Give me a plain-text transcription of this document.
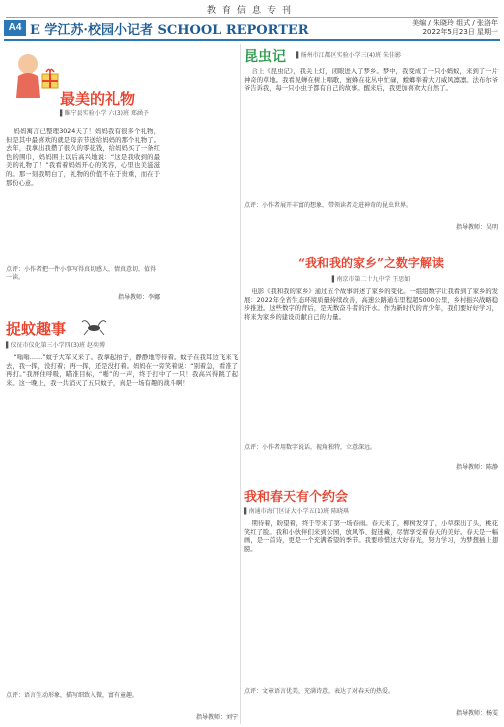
教育信息专刊
A4 E 学江苏·校园小记者 SCHOOL REPORTER	美编 / 朱晓玲 组式 / 张洛年
2022年5月23日 星期一
最美的礼物
▌睢宁县实验小学 六(3)班 郑涵予

妈妈寓言已整理3024天了！妈妈我有很多个礼物，但是其中最喜欢的就是母亲节送给妈妈的那个礼物了。去年，我拿出我攒了很久的零花钱，给妈妈买了一条红色的围巾，妈妈围上以后高兴地说：“这是我收到的最美的礼物了！”我看着妈妈开心的笑容，心里也美滋滋的。那一刻我明白了，礼物的价值不在于贵重，而在于那份心意。

点评：小作者把一件小事写得真切感人，情真意切，值得一读。
指导教师：李娜
捉蚊趣事
▌仪征市仪化第三小学四(3)班 赵奕博

“嗡嗡……”蚊子大军又来了。我拿起拍子，静静地等待着。蚊子在我耳边飞来飞去，我一挥，没打着；再一挥，还是没打着。妈妈在一旁笑着说：“别着急，看准了再打。”我屏住呼吸，瞄准目标，“啪”的一声，终于打中了一只！我高兴得跳了起来。这一晚上，我一共消灭了五只蚊子，真是一场有趣的战斗啊！

点评：语言生动形象，描写细致入微，富有童趣。
指导教师：刘宁
昆虫记 ▌扬州市江都区实验小学三(4)班 朱佳影

合上《昆虫记》，我关上灯，闭眼进入了梦乡。梦中，我变成了一只小蚂蚁，来到了一片神奇的草地。我看见蝉在树上唱歌，蜜蜂在花丛中忙碌，螳螂举着大刀威风凛凛。法布尔爷爷告诉我，每一只小虫子都有自己的故事。醒来后，我更加喜欢大自然了。

点评：小作者展开丰富的想象，带领读者走进神奇的昆虫世界。
指导教师：吴明
“我和我的家乡”之数字解读
▌南京市第二十九中学 王思如

电影《我和我的家乡》通过五个故事讲述了家乡的变化。一组组数字让我看到了家乡的发展：2022年全省生态环境质量持续改善，高速公路通车里程超5000公里，乡村振兴战略稳步推进。这些数字的背后，是无数奋斗者的汗水。作为新时代的青少年，我们要好好学习，将来为家乡的建设贡献自己的力量。

点评：小作者用数字说话，视角独特，立意深远。
指导教师：陈静
我和春天有个约会
▌南通市海门区证大小学五(1)班 陈晓琪

期待着，盼望着，终于等来了第一场春雨。春天来了，柳树发芽了，小草探出了头，桃花笑红了脸。我和小伙伴们来到公园，放风筝、捉迷藏，尽情享受着春天的美好。春天是一幅画，是一首诗，更是一个充满希望的季节。我要珍惜这大好春光，努力学习，为梦想插上翅膀。

点评：文章语言优美，充满诗意，表达了对春天的热爱。
指导教师：杨雯
